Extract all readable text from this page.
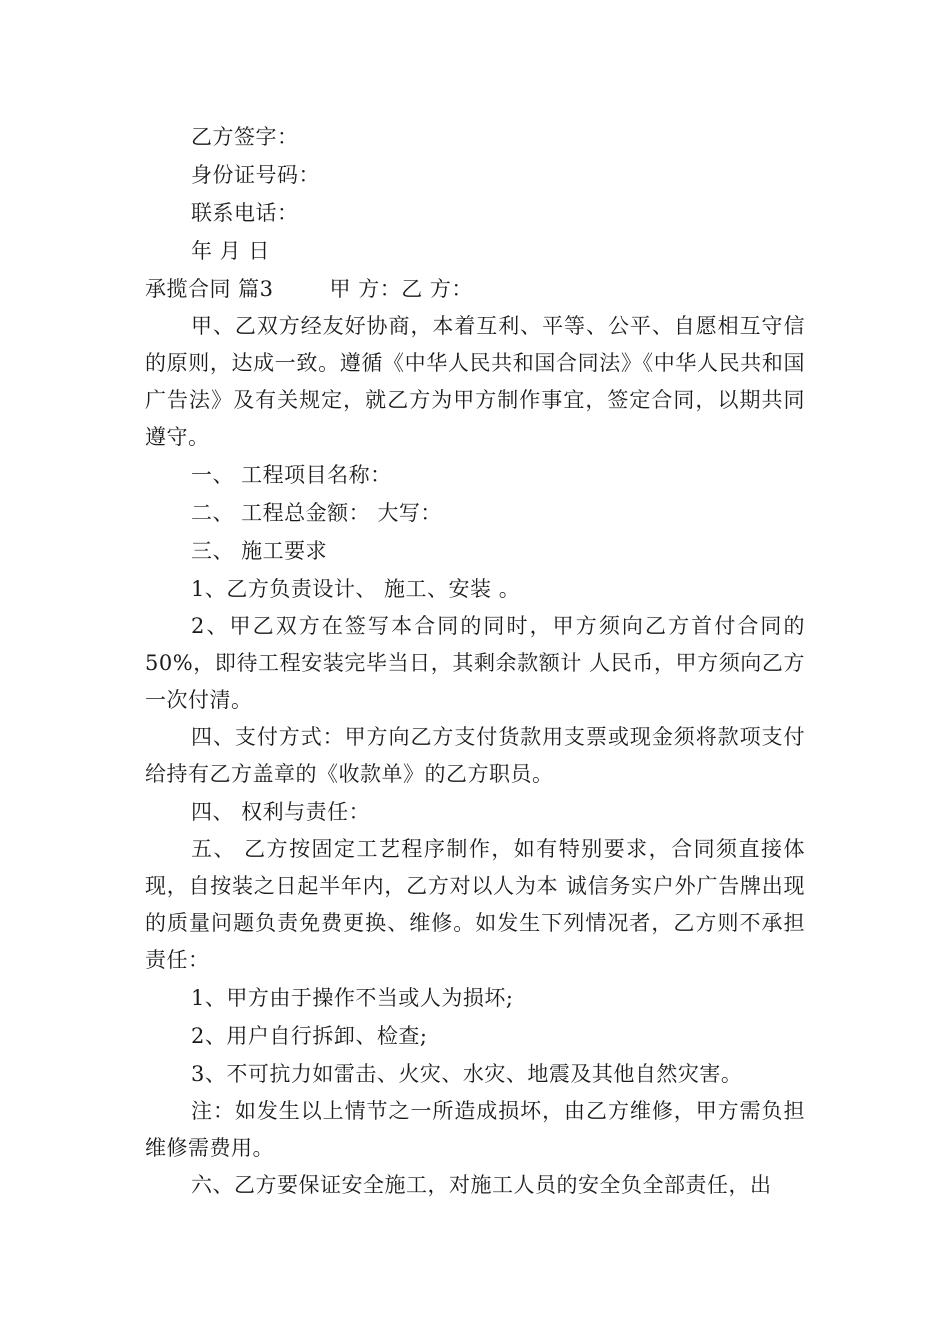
乙方签字：
身份证号码：
联系电话：
年 月 日
承揽合同 篇3	甲 方：乙 方：

甲、乙双方经友好协商，本着互利、平等、公平、自愿相互守信的原则，达成一致。遵循《中华人民共和国合同法》《中华人民共和国广告法》及有关规定，就乙方为甲方制作事宜，签定合同，以期共同遵守。

一、 工程项目名称：
二、 工程总金额： 大写：
三、 施工要求
1、乙方负责设计、 施工、安装 。

2、甲乙双方在签写本合同的同时，甲方须向乙方首付合同的50%，即待工程安装完毕当日，其剩余款额计 人民币，甲方须向乙方一次付清。

四、支付方式：甲方向乙方支付货款用支票或现金须将款项支付给持有乙方盖章的《收款单》的乙方职员。

四、 权利与责任：

五、 乙方按固定工艺程序制作，如有特别要求，合同须直接体现，自按装之日起半年内，乙方对以人为本 诚信务实户外广告牌出现的质量问题负责免费更换、维修。如发生下列情况者，乙方则不承担责任：

1、甲方由于操作不当或人为损坏;
2、用户自行拆卸、检查;
3、不可抗力如雷击、火灾、水灾、地震及其他自然灾害。

注：如发生以上情节之一所造成损坏，由乙方维修，甲方需负担维修需费用。

六、乙方要保证安全施工，对施工人员的安全负全部责任，出
